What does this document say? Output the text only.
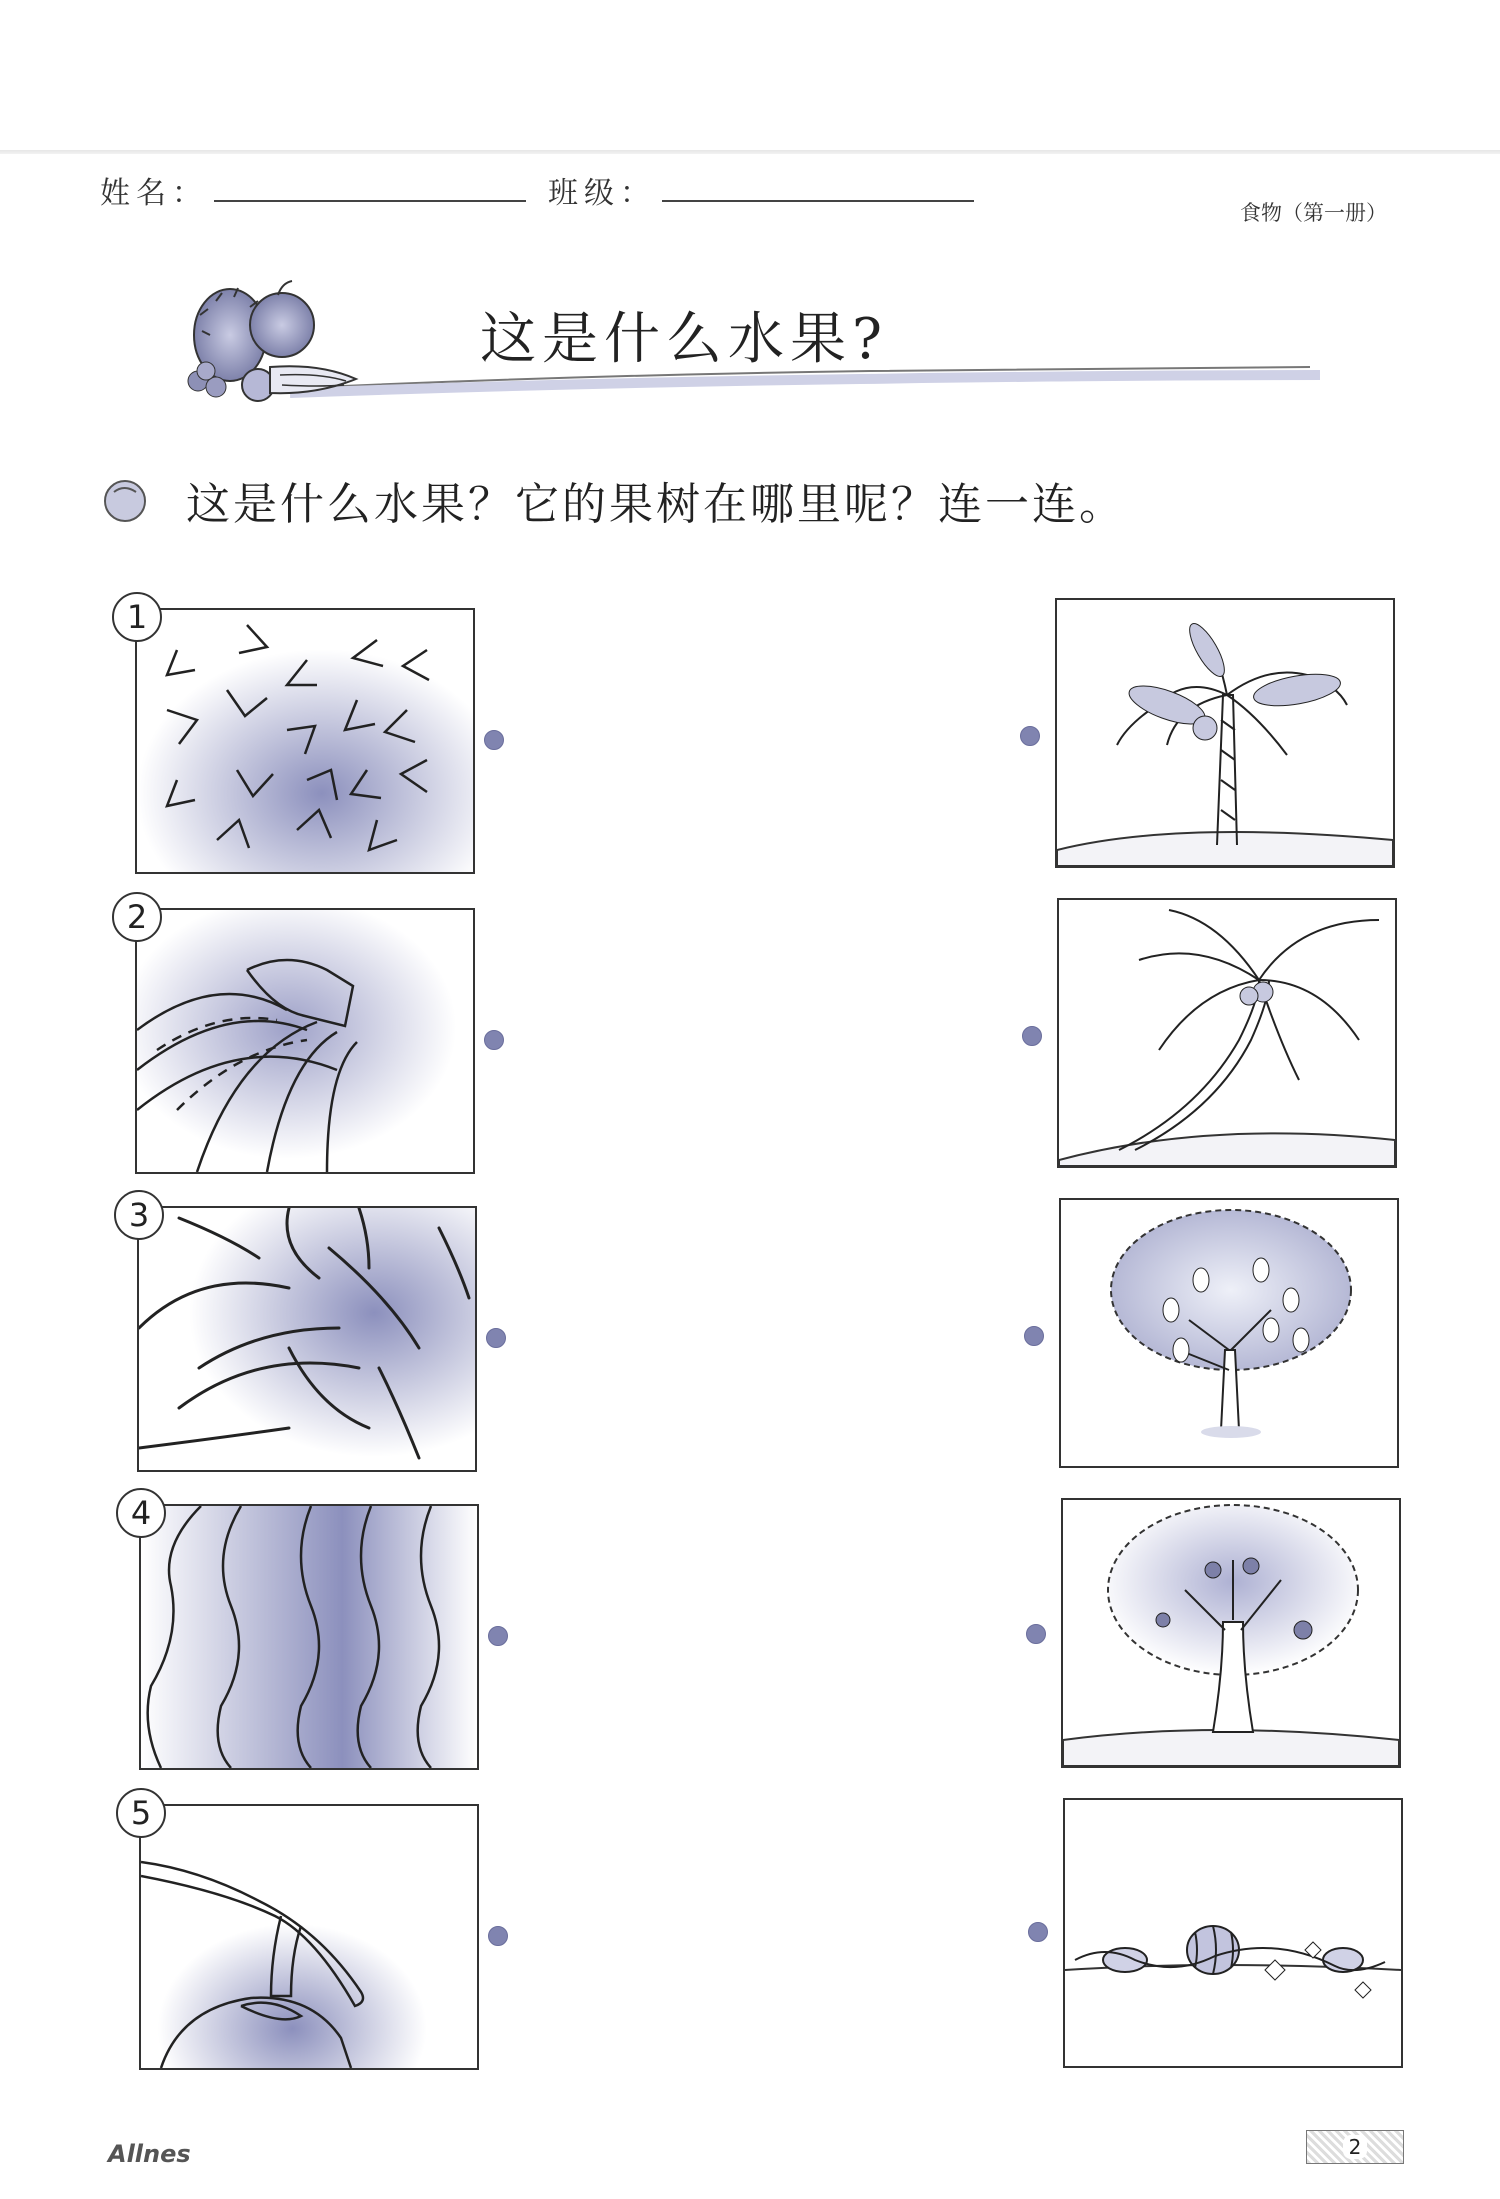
姓名：	班级：
食物（第一册）
这是什么水果?
这是什么水果？它的果树在哪里呢？连一连。
1
2
3
4
5
Allnes	2
